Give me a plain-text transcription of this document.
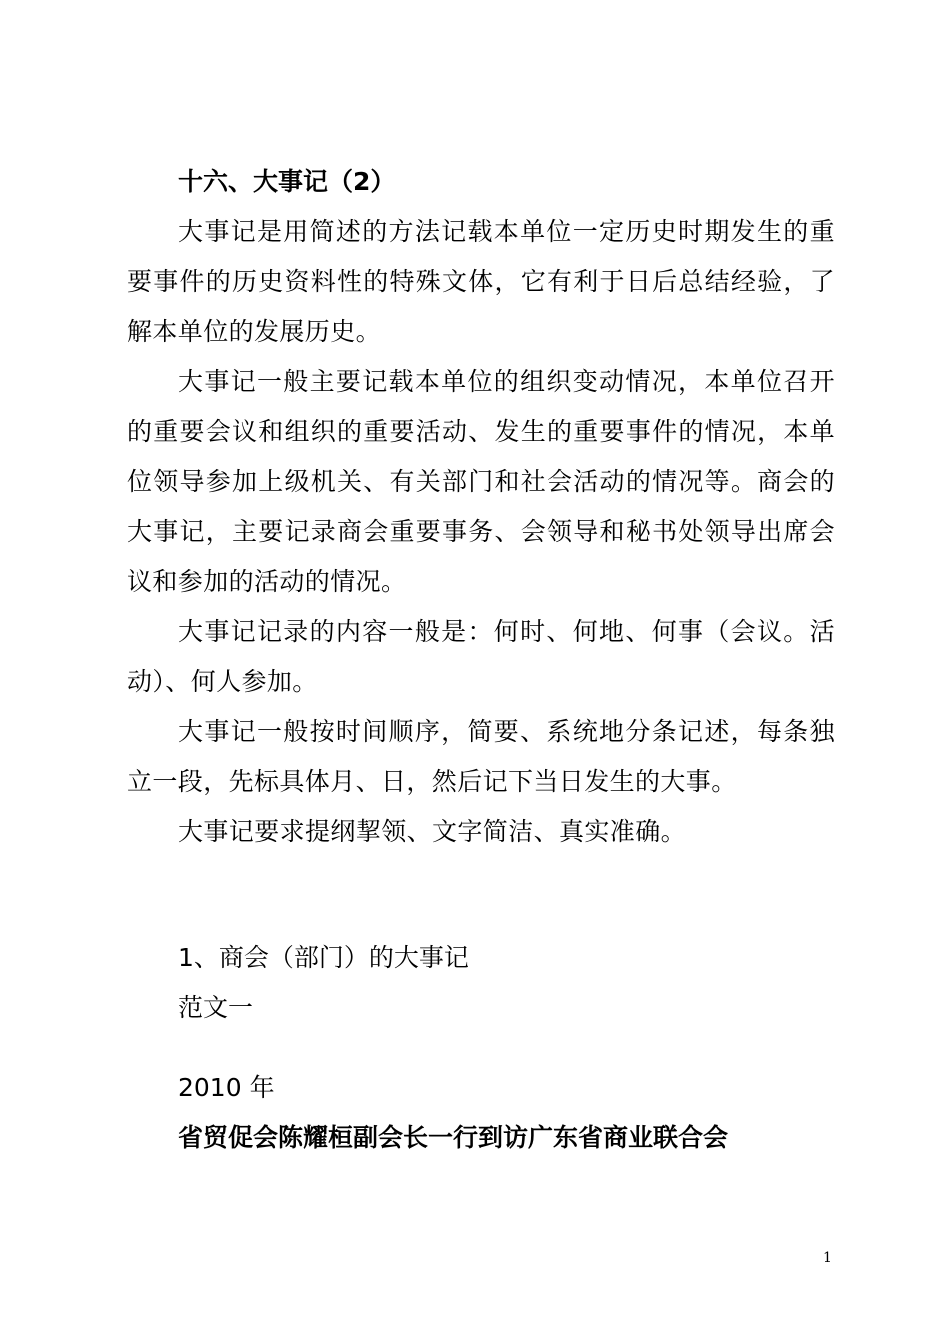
十六、大事记（2）

大事记是用简述的方法记载本单位一定历史时期发生的重要事件的历史资料性的特殊文体，它有利于日后总结经验，了解本单位的发展历史。

大事记一般主要记载本单位的组织变动情况，本单位召开的重要会议和组织的重要活动、发生的重要事件的情况，本单位领导参加上级机关、有关部门和社会活动的情况等。商会的大事记，主要记录商会重要事务、会领导和秘书处领导出席会议和参加的活动的情况。

大事记记录的内容一般是：何时、何地、何事（会议。活动）、何人参加。

大事记一般按时间顺序，简要、系统地分条记述，每条独立一段，先标具体月、日，然后记下当日发生的大事。

大事记要求提纲挈领、文字简洁、真实准确。

1、商会（部门）的大事记

范文一

2010 年

省贸促会陈耀桓副会长一行到访广东省商业联合会

1
